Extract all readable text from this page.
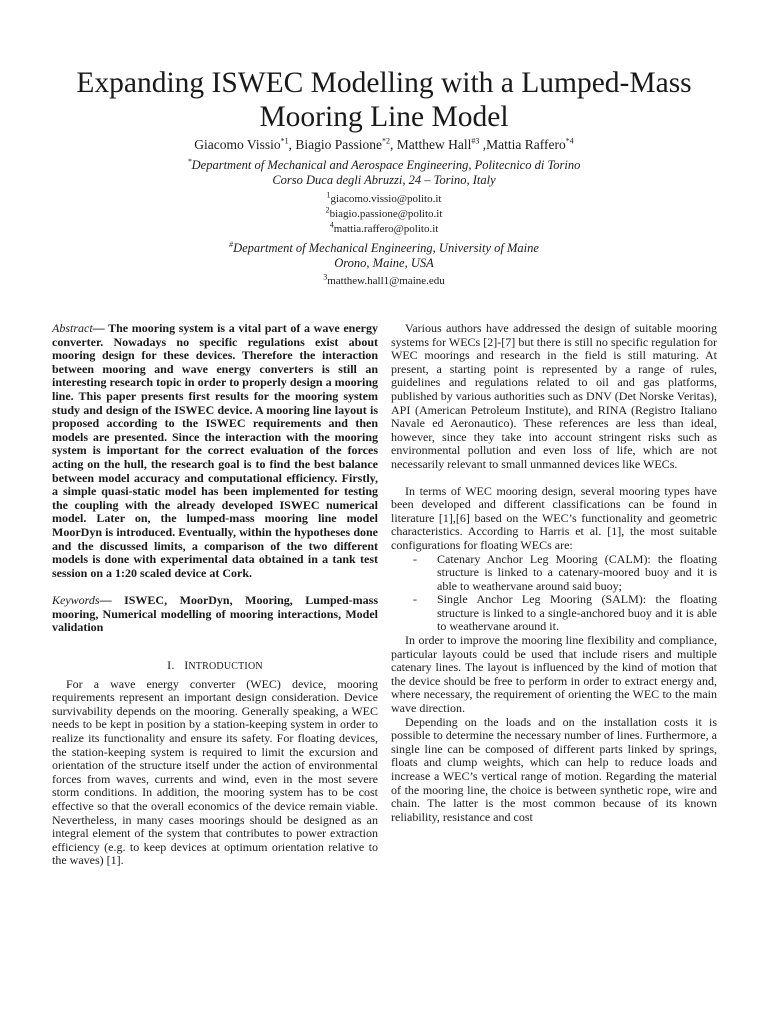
Expanding ISWEC Modelling with a Lumped-Mass
Mooring Line Model
Giacomo Vissio$^{*1}$, Biagio Passione$^{*2}$, Matthew Hall$^{\#3}$ ,Mattia Raffero$^{*4}$
*Department of Mechanical and Aerospace Engineering, Politecnico di Torino
Corso Duca degli Abruzzi, 24 – Torino, Italy
$^1$giacomo.vissio@polito.it
$^2$biagio.passione@polito.it
$^4$mattia.raffero@polito.it
#Department of Mechanical Engineering, University of Maine
Orono, Maine, USA
$^3$matthew.hall1@maine.edu

Abstract— The mooring system is a vital part of a wave energy converter. Nowadays no specific regulations exist about mooring design for these devices. Therefore the interaction between mooring and wave energy converters is still an interesting research topic in order to properly design a mooring line. This paper presents first results for the mooring system study and design of the ISWEC device. A mooring line layout is proposed according to the ISWEC requirements and then models are presented. Since the interaction with the mooring system is important for the correct evaluation of the forces acting on the hull, the research goal is to find the best balance between model accuracy and computational efficiency. Firstly, a simple quasi-static model has been implemented for testing the coupling with the already developed ISWEC numerical model. Later on, the lumped-mass mooring line model MoorDyn is introduced. Eventually, within the hypotheses done and the discussed limits, a comparison of the two different models is done with experimental data obtained in a tank test session on a 1:20 scaled device at Cork.

Keywords— ISWEC, MoorDyn, Mooring, Lumped-mass mooring, Numerical modelling of mooring interactions, Model validation

I. INTRODUCTION

For a wave energy converter (WEC) device, mooring requirements represent an important design consideration. Device survivability depends on the mooring. Generally speaking, a WEC needs to be kept in position by a station-keeping system in order to realize its functionality and ensure its safety. For floating devices, the station-keeping system is required to limit the excursion and orientation of the structure itself under the action of environmental forces from waves, currents and wind, even in the most severe storm conditions. In addition, the mooring system has to be cost effective so that the overall economics of the device remain viable. Nevertheless, in many cases moorings should be designed as an integral element of the system that contributes to power extraction efficiency (e.g. to keep devices at optimum orientation relative to the waves) [1].

Various authors have addressed the design of suitable mooring systems for WECs [2]-[7] but there is still no specific regulation for WEC moorings and research in the field is still maturing. At present, a starting point is represented by a range of rules, guidelines and regulations related to oil and gas platforms, published by various authorities such as DNV (Det Norske Veritas), API (American Petroleum Institute), and RINA (Registro Italiano Navale ed Aeronautico). These references are less than ideal, however, since they take into account stringent risks such as environmental pollution and even loss of life, which are not necessarily relevant to small unmanned devices like WECs.

In terms of WEC mooring design, several mooring types have been developed and different classifications can be found in literature [1],[6] based on the WEC’s functionality and geometric characteristics. According to Harris et al. [1], the most suitable configurations for floating WECs are:

- Catenary Anchor Leg Mooring (CALM): the floating structure is linked to a catenary-moored buoy and it is able to weathervane around said buoy;
- Single Anchor Leg Mooring (SALM): the floating structure is linked to a single-anchored buoy and it is able to weathervane around it.

In order to improve the mooring line flexibility and compliance, particular layouts could be used that include risers and multiple catenary lines. The layout is influenced by the kind of motion that the device should be free to perform in order to extract energy and, where necessary, the requirement of orienting the WEC to the main wave direction.

Depending on the loads and on the installation costs it is possible to determine the necessary number of lines. Furthermore, a single line can be composed of different parts linked by springs, floats and clump weights, which can help to reduce loads and increase a WEC’s vertical range of motion. Regarding the material of the mooring line, the choice is between synthetic rope, wire and chain. The latter is the most common because of its known reliability, resistance and cost
